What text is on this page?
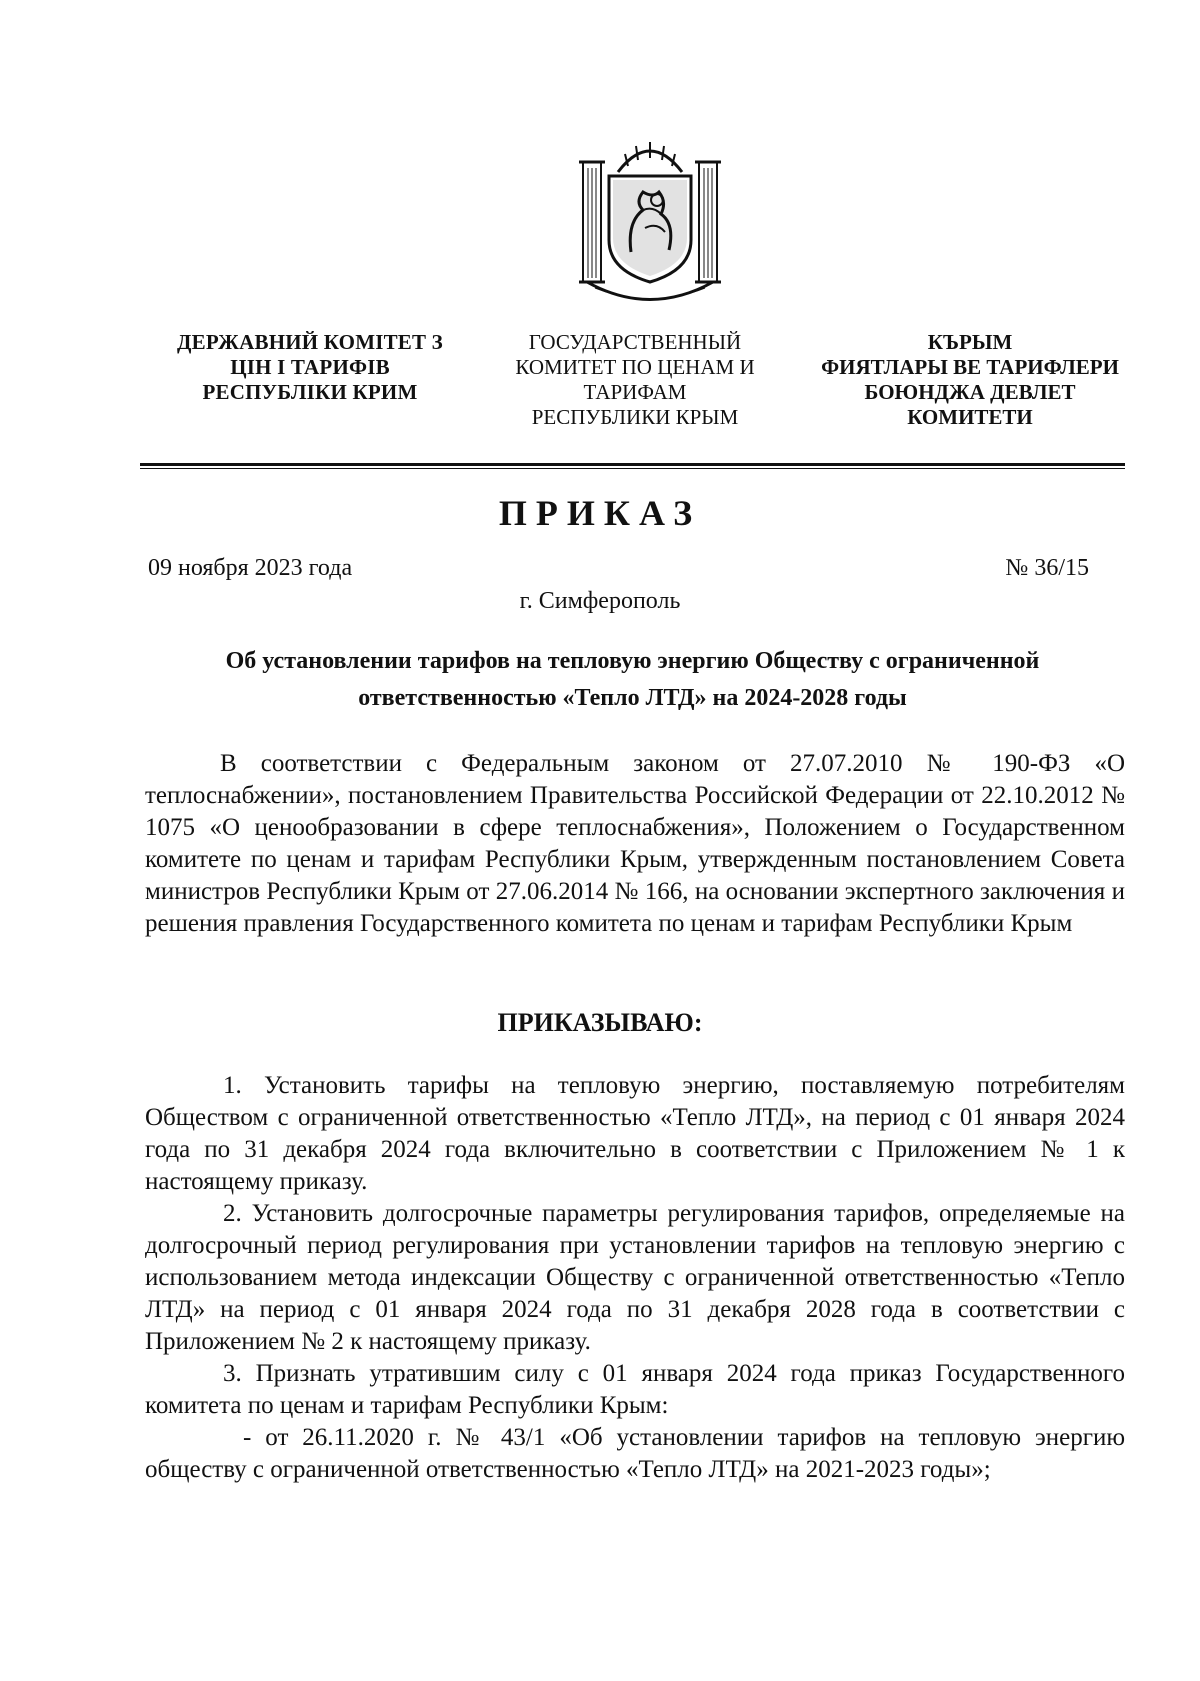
ДЕРЖАВНИЙ КОМІТЕТ З
ЦІН І ТАРИФІВ
РЕСПУБЛІКИ КРИМ
ГОСУДАРСТВЕННЫЙ
КОМИТЕТ ПО ЦЕНАМ И
ТАРИФАМ
РЕСПУБЛИКИ КРЫМ
КЪРЫМ
ФИЯТЛАРЫ ВЕ ТАРИФЛЕРИ
БОЮНДЖА ДЕВЛЕТ
КОМИТЕТИ
ПРИКАЗ
09 ноября 2023 года	№ 36/15
г. Симферополь
Об установлении тарифов на тепловую энергию Обществу с ограниченной ответственностью «Тепло ЛТД» на 2024-2028 годы

В соответствии с Федеральным законом от 27.07.2010 № 190-ФЗ «О теплоснабжении», постановлением Правительства Российской Федерации от 22.10.2012 № 1075 «О ценообразовании в сфере теплоснабжения», Положением о Государственном комитете по ценам и тарифам Республики Крым, утвержденным постановлением Совета министров Республики Крым от 27.06.2014 № 166, на основании экспертного заключения и решения правления Государственного комитета по ценам и тарифам Республики Крым

ПРИКАЗЫВАЮ:

1. Установить тарифы на тепловую энергию, поставляемую потребителям Обществом с ограниченной ответственностью «Тепло ЛТД», на период с 01 января 2024 года по 31 декабря 2024 года включительно в соответствии с Приложением № 1 к настоящему приказу.

2. Установить долгосрочные параметры регулирования тарифов, определяемые на долгосрочный период регулирования при установлении тарифов на тепловую энергию с использованием метода индексации Обществу с ограниченной ответственностью «Тепло ЛТД» на период с 01 января 2024 года по 31 декабря 2028 года в соответствии с Приложением № 2 к настоящему приказу.

3. Признать утратившим силу с 01 января 2024 года приказ Государственного комитета по ценам и тарифам Республики Крым:

- от 26.11.2020 г. № 43/1 «Об установлении тарифов на тепловую энергию обществу с ограниченной ответственностью «Тепло ЛТД» на 2021-2023 годы»;
